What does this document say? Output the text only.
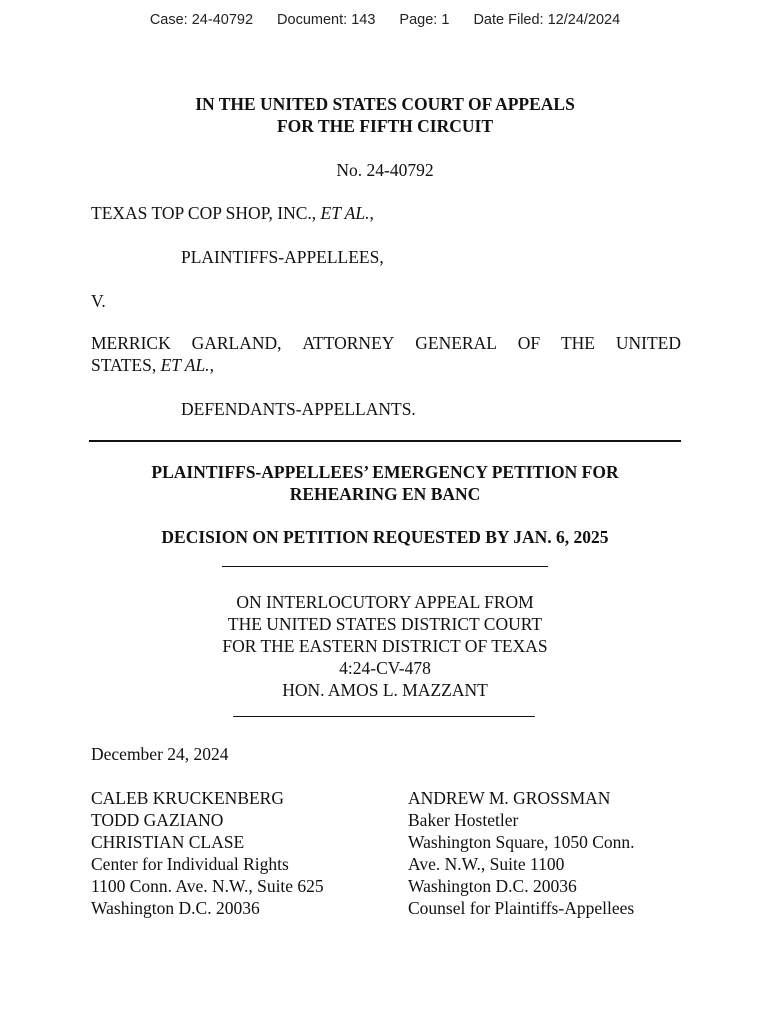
Case: 24-40792 Document: 143 Page: 1 Date Filed: 12/24/2024
IN THE UNITED STATES COURT OF APPEALS
FOR THE FIFTH CIRCUIT
No. 24-40792
TEXAS TOP COP SHOP, INC., ET AL.,
PLAINTIFFS-APPELLEES,
V.
MERRICK GARLAND, ATTORNEY GENERAL OF THE UNITED
STATES, ET AL.,
DEFENDANTS-APPELLANTS.
PLAINTIFFS-APPELLEES’ EMERGENCY PETITION FOR
REHEARING EN BANC
DECISION ON PETITION REQUESTED BY JAN. 6, 2025
ON INTERLOCUTORY APPEAL FROM
THE UNITED STATES DISTRICT COURT
FOR THE EASTERN DISTRICT OF TEXAS
4:24-CV-478
HON. AMOS L. MAZZANT
December 24, 2024
CALEB KRUCKENBERG
TODD GAZIANO
CHRISTIAN CLASE
Center for Individual Rights
1100 Conn. Ave. N.W., Suite 625
Washington D.C. 20036
ANDREW M. GROSSMAN
Baker Hostetler
Washington Square, 1050 Conn.
Ave. N.W., Suite 1100
Washington D.C. 20036
Counsel for Plaintiffs-Appellees
